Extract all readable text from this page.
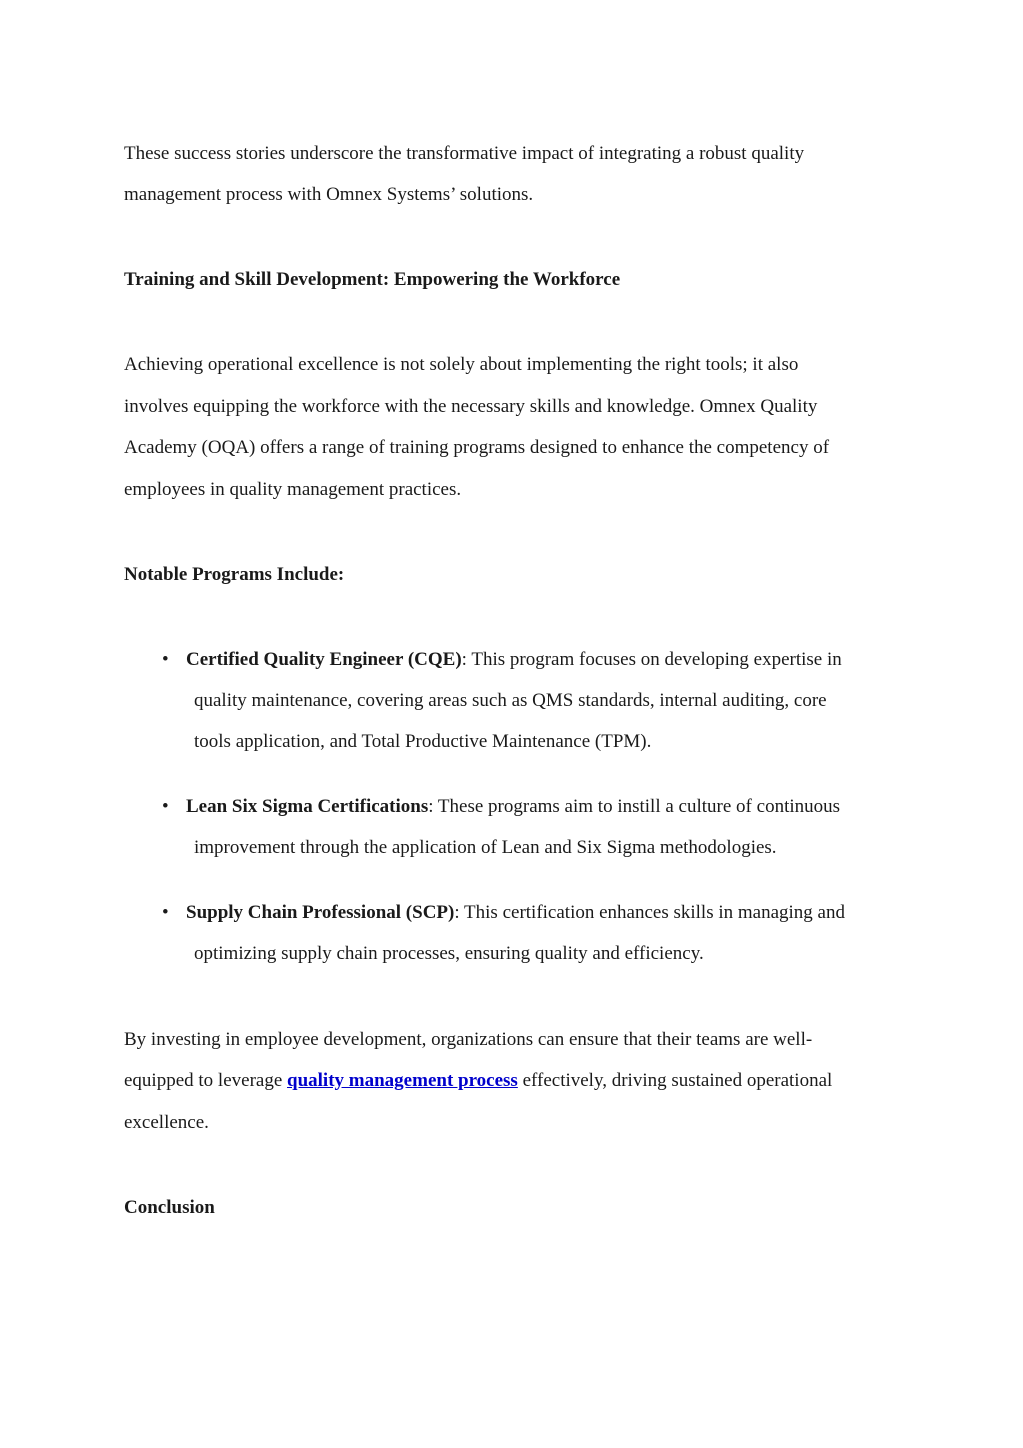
These success stories underscore the transformative impact of integrating a robust quality
management process with Omnex Systems’ solutions.
Training and Skill Development: Empowering the Workforce
Achieving operational excellence is not solely about implementing the right tools; it also
involves equipping the workforce with the necessary skills and knowledge. Omnex Quality
Academy (OQA) offers a range of training programs designed to enhance the competency of
employees in quality management practices.
Notable Programs Include:
• Certified Quality Engineer (CQE): This program focuses on developing expertise in
quality maintenance, covering areas such as QMS standards, internal auditing, core
tools application, and Total Productive Maintenance (TPM).
• Lean Six Sigma Certifications: These programs aim to instill a culture of continuous
improvement through the application of Lean and Six Sigma methodologies.
• Supply Chain Professional (SCP): This certification enhances skills in managing and
optimizing supply chain processes, ensuring quality and efficiency.
By investing in employee development, organizations can ensure that their teams are well-
equipped to leverage quality management process effectively, driving sustained operational
excellence.
Conclusion
